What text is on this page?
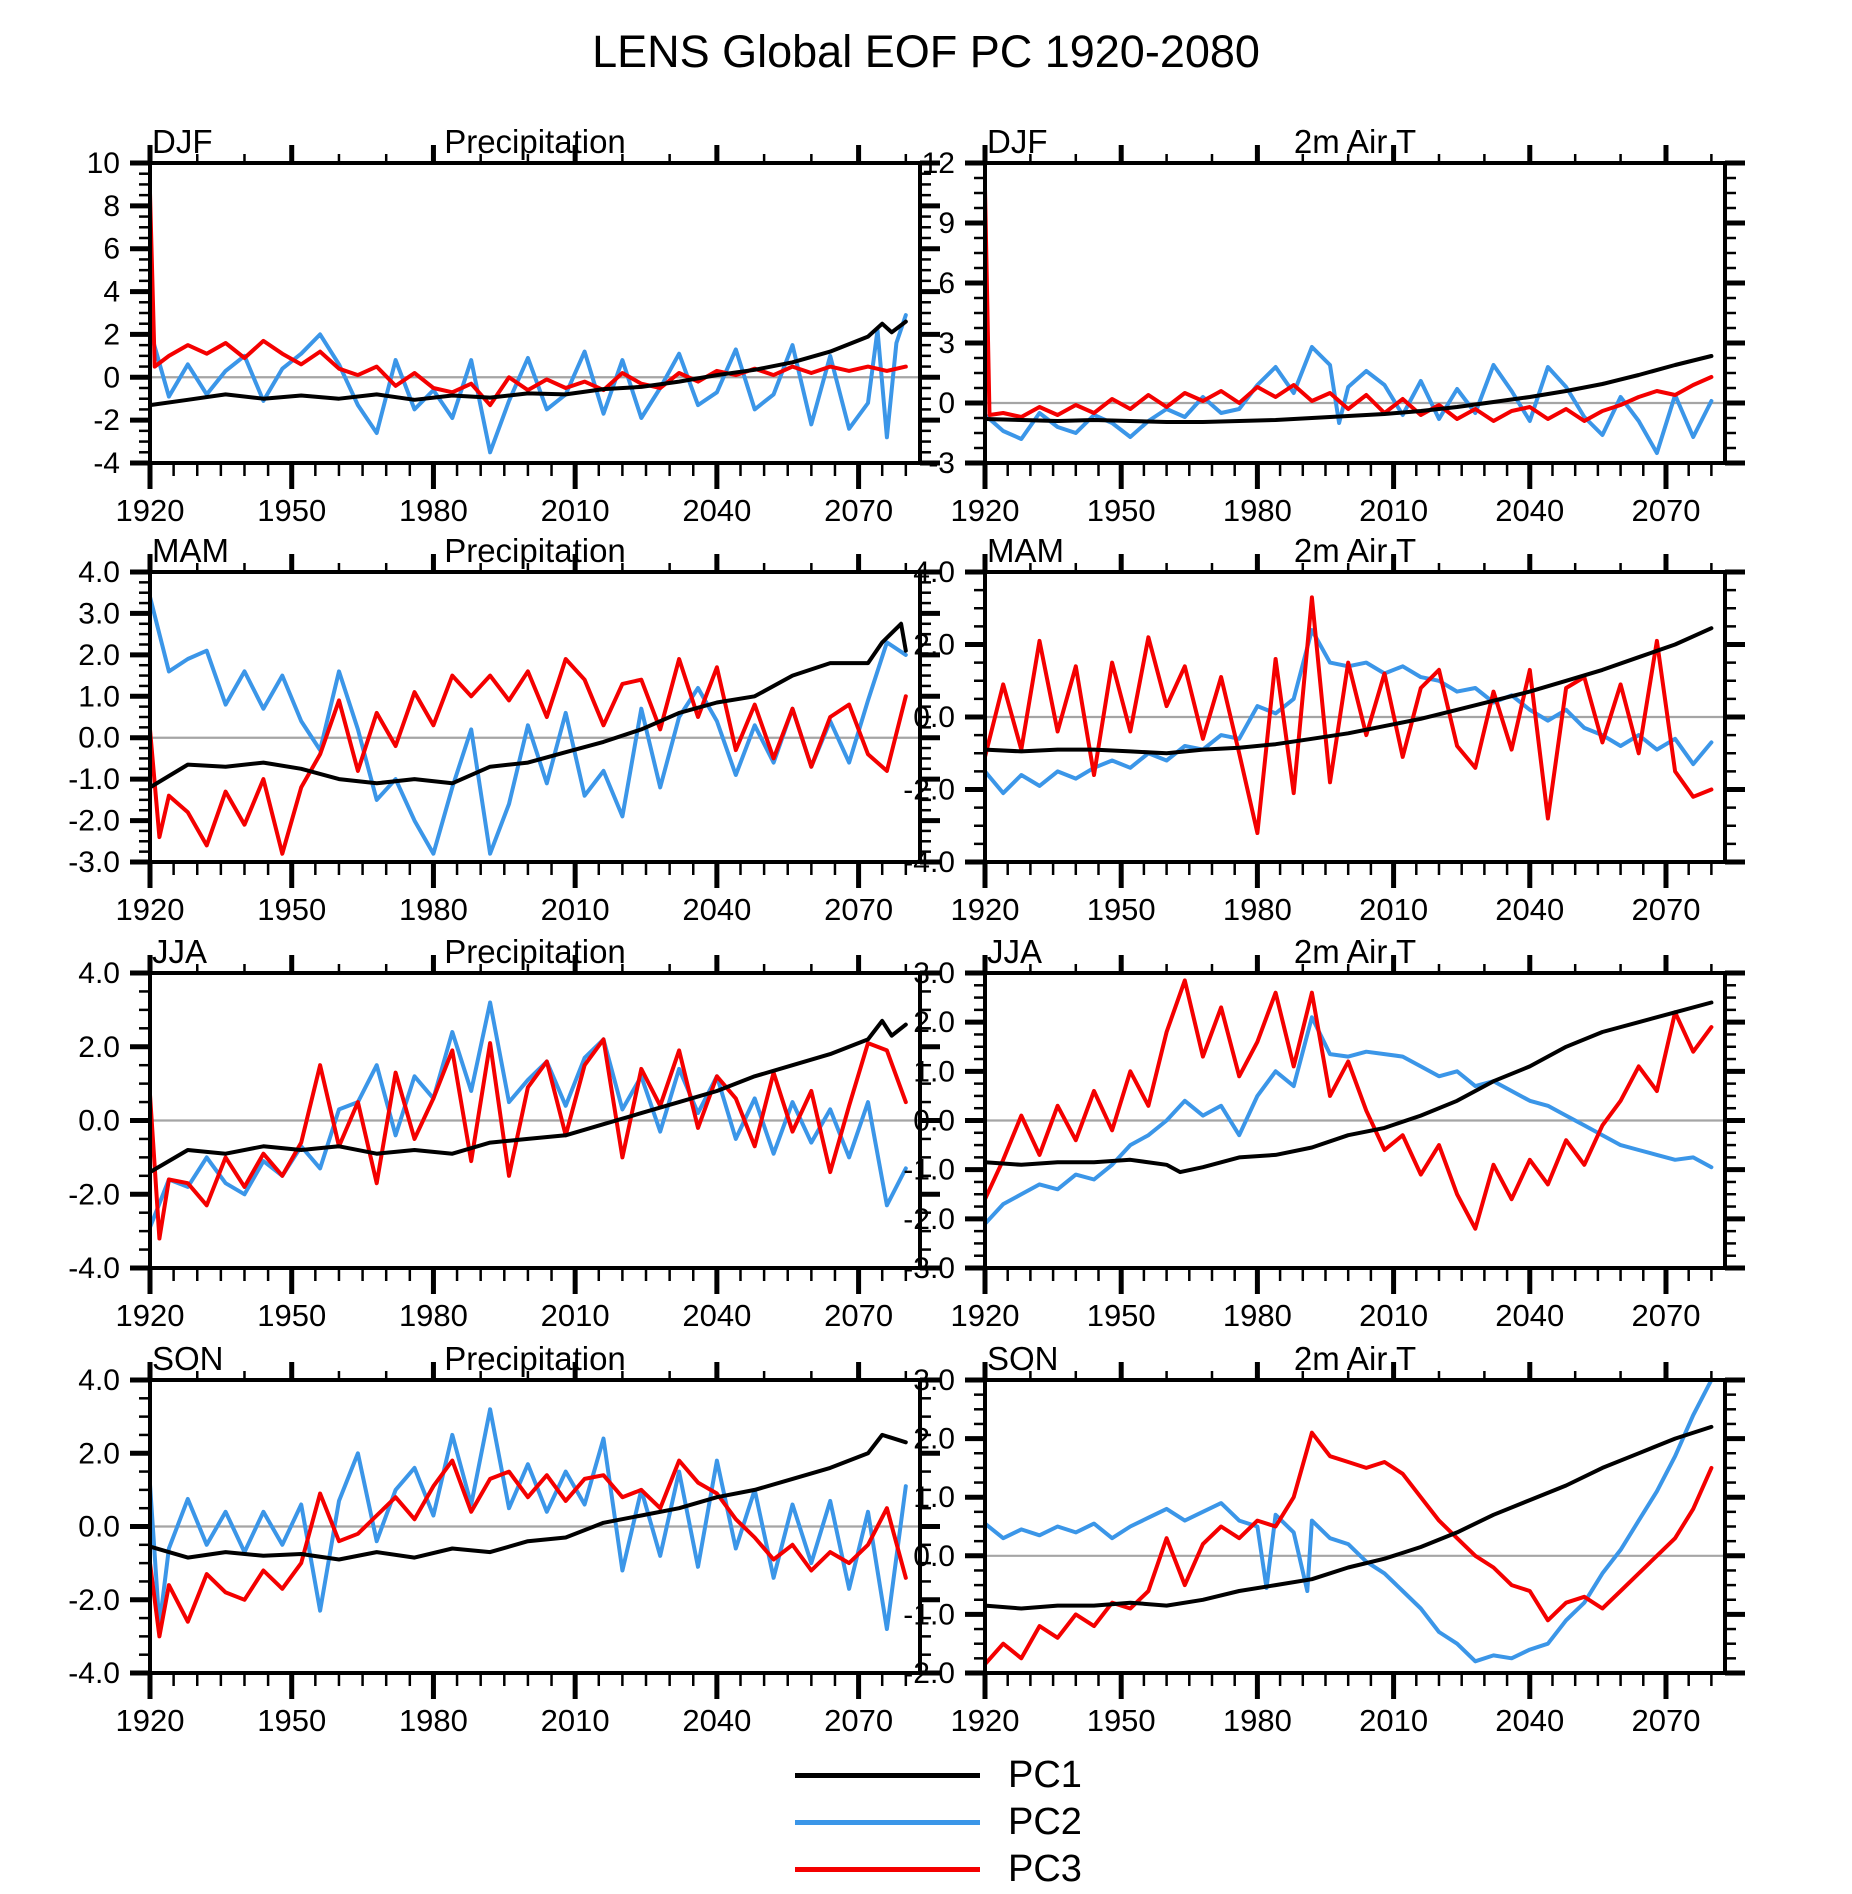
LENS Global EOF PC 1920-2080
DJF	Precipitation
1920 1950 1980 2010 2040 2070
-4
-2
0
2
4
6
8
10
DJF	2m Air T
1920 1950 1980 2010 2040 2070
-3
0
3
6
9
12
MAM	Precipitation
1920 1950 1980 2010 2040 2070
-3.0
-2.0
-1.0
0.0
1.0
2.0
3.0
4.0
MAM	2m Air T
1920 1950 1980 2010 2040 2070
-4.0
-2.0
0.0
2.0
4.0
JJA	Precipitation
1920 1950 1980 2010 2040 2070
-4.0
-2.0
0.0
2.0
4.0
JJA	2m Air T
1920 1950 1980 2010 2040 2070
-3.0
-2.0
-1.0
0.0
1.0
2.0
3.0
SON	Precipitation
1920 1950 1980 2010 2040 2070
-4.0
-2.0
0.0
2.0
4.0
SON	2m Air T
1920 1950 1980 2010 2040 2070
-2.0
-1.0
0.0
1.0
2.0
3.0
PC1
PC2
PC3
